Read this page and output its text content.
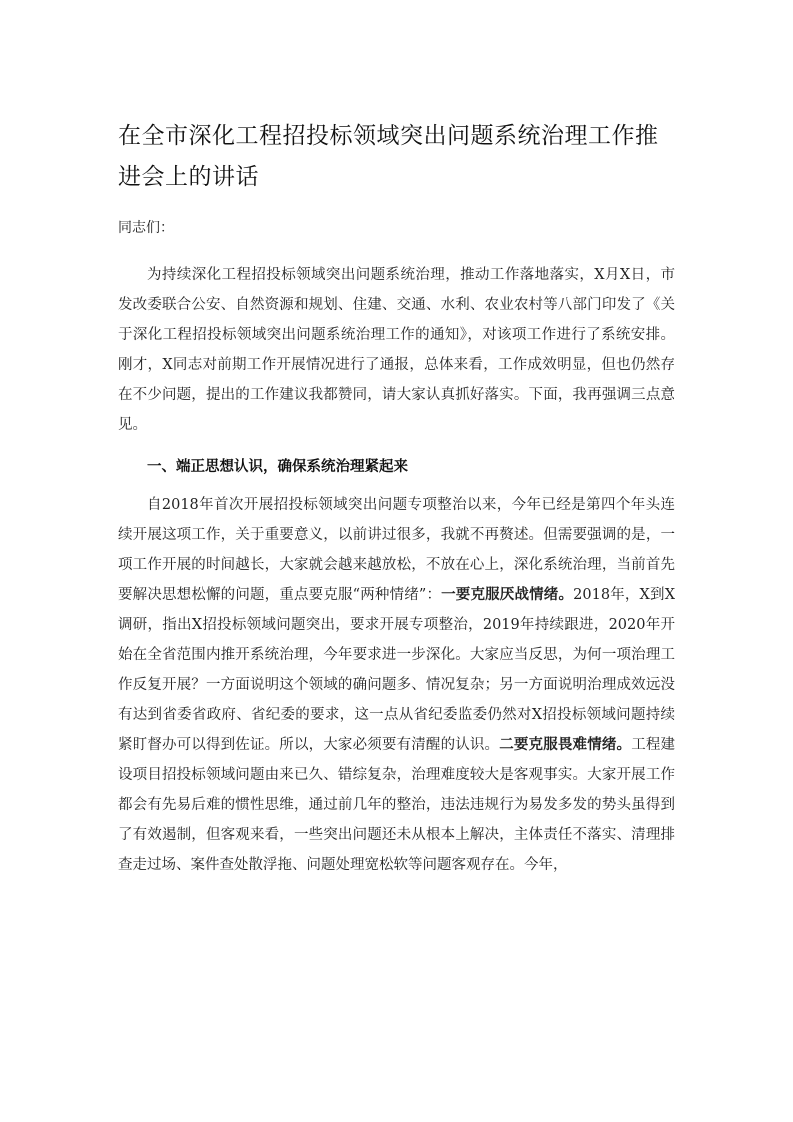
在全市深化工程招投标领域突出问题系统治理工作推进会上的讲话

同志们：

为持续深化工程招投标领域突出问题系统治理，推动工作落地落实，X月X日，市发改委联合公安、自然资源和规划、住建、交通、水利、农业农村等八部门印发了《关于深化工程招投标领域突出问题系统治理工作的通知》，对该项工作进行了系统安排。刚才，X同志对前期工作开展情况进行了通报，总体来看，工作成效明显，但也仍然存在不少问题，提出的工作建议我都赞同，请大家认真抓好落实。下面，我再强调三点意见。

一、端正思想认识，确保系统治理紧起来

自2018年首次开展招投标领域突出问题专项整治以来，今年已经是第四个年头连续开展这项工作，关于重要意义，以前讲过很多，我就不再赘述。但需要强调的是，一项工作开展的时间越长，大家就会越来越放松，不放在心上，深化系统治理，当前首先要解决思想松懈的问题，重点要克服“两种情绪”：一要克服厌战情绪。2018年，X到X调研，指出X招投标领域问题突出，要求开展专项整治，2019年持续跟进，2020年开始在全省范围内推开系统治理，今年要求进一步深化。大家应当反思，为何一项治理工作反复开展？一方面说明这个领域的确问题多、情况复杂；另一方面说明治理成效远没有达到省委省政府、省纪委的要求，这一点从省纪委监委仍然对X招投标领域问题持续紧盯督办可以得到佐证。所以，大家必须要有清醒的认识。二要克服畏难情绪。工程建设项目招投标领域问题由来已久、错综复杂，治理难度较大是客观事实。大家开展工作都会有先易后难的惯性思维，通过前几年的整治，违法违规行为易发多发的势头虽得到了有效遏制，但客观来看，一些突出问题还未从根本上解决，主体责任不落实、清理排查走过场、案件查处散浮拖、问题处理宽松软等问题客观存在。今年，
